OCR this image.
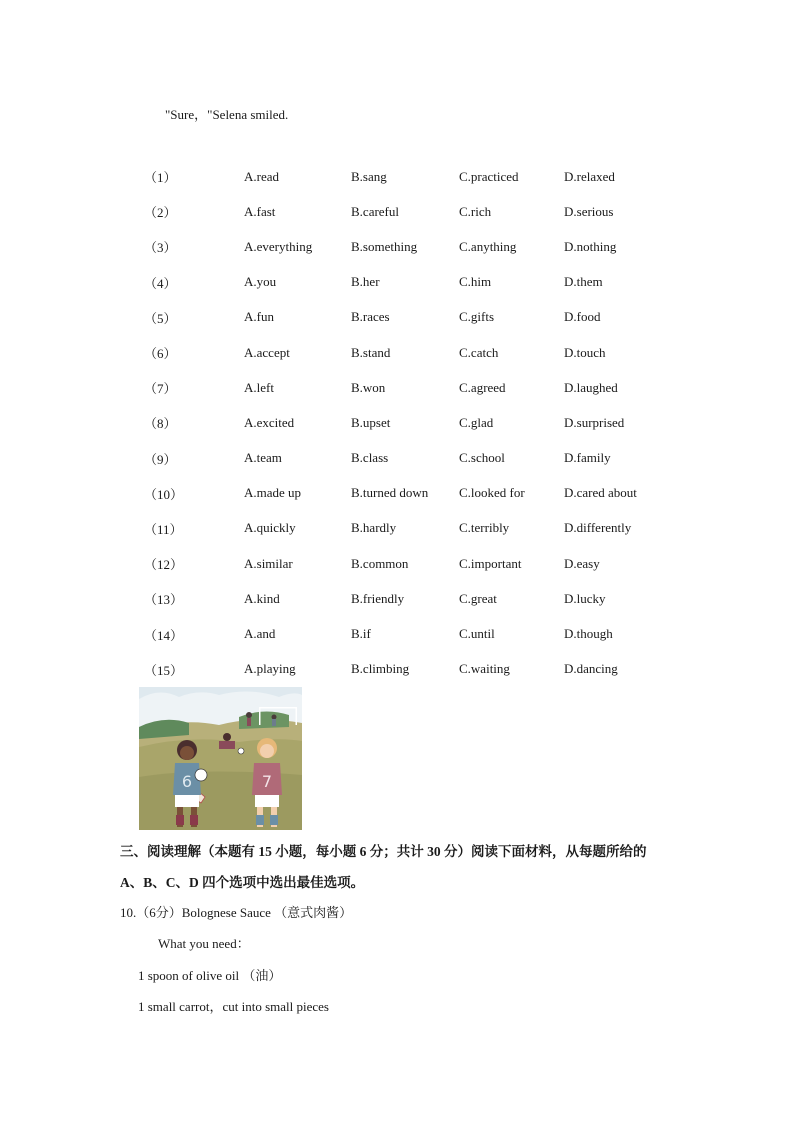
"Sure，"Selena smiled.
（1）	A.read	B.sang	C.practiced	D.relaxed
（2）	A.fast	B.careful	C.rich	D.serious
（3）	A.everything	B.something	C.anything	D.nothing
（4）	A.you	B.her	C.him	D.them
（5）	A.fun	B.races	C.gifts	D.food
（6）	A.accept	B.stand	C.catch	D.touch
（7）	A.left	B.won	C.agreed	D.laughed
（8）	A.excited	B.upset	C.glad	D.surprised
（9）	A.team	B.class	C.school	D.family
（10）	A.made up	B.turned down	C.looked for	D.cared about
（11）	A.quickly	B.hardly	C.terribly	D.differently
（12）	A.similar	B.common	C.important	D.easy
（13）	A.kind	B.friendly	C.great	D.lucky
（14）	A.and	B.if	C.until	D.though
（15）	A.playing	B.climbing	C.waiting	D.dancing
6	7
三、阅读理解（本题有 15 小题，每小题 6 分；共计 30 分）阅读下面材料，从每题所给的
A、B、C、D 四个选项中选出最佳选项。
10.（6分）Bolognese Sauce （意式肉酱）
What you need：
1 spoon of olive oil （油）
1 small carrot，cut into small pieces
